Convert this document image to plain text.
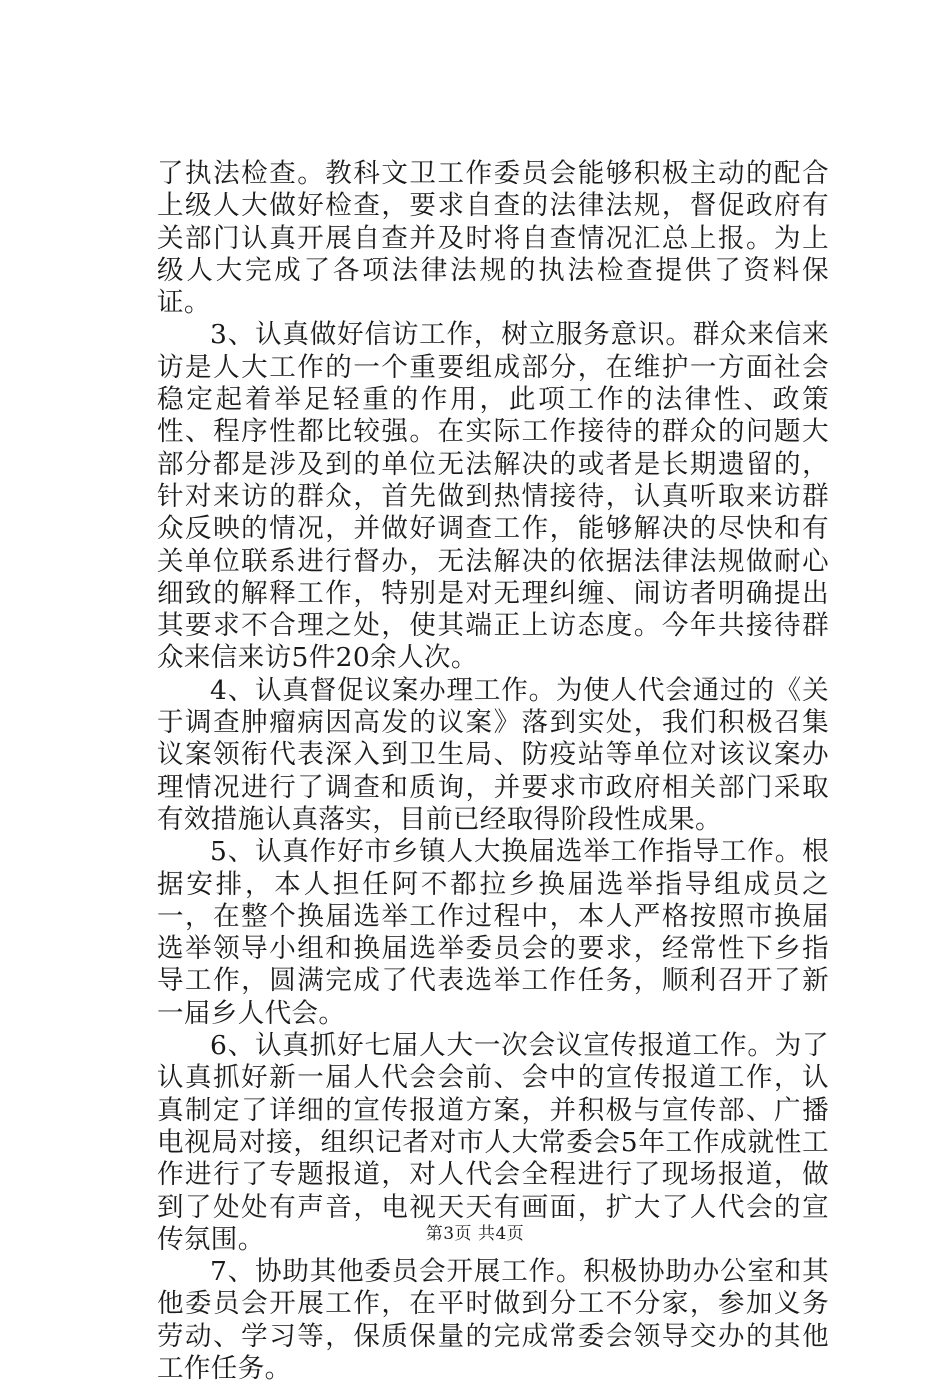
了执法检查。教科文卫工作委员会能够积极主动的配合上级人大做好检查，要求自查的法律法规，督促政府有关部门认真开展自查并及时将自查情况汇总上报。为上级人大完成了各项法律法规的执法检查提供了资料保证。

3、认真做好信访工作，树立服务意识。群众来信来访是人大工作的一个重要组成部分，在维护一方面社会稳定起着举足轻重的作用，此项工作的法律性、政策性、程序性都比较强。在实际工作接待的群众的问题大部分都是涉及到的单位无法解决的或者是长期遗留的，针对来访的群众，首先做到热情接待，认真听取来访群众反映的情况，并做好调查工作，能够解决的尽快和有关单位联系进行督办，无法解决的依据法律法规做耐心细致的解释工作，特别是对无理纠缠、闹访者明确提出其要求不合理之处，使其端正上访态度。今年共接待群众来信来访5件20余人次。

4、认真督促议案办理工作。为使人代会通过的《关于调查肿瘤病因高发的议案》落到实处，我们积极召集议案领衔代表深入到卫生局、防疫站等单位对该议案办理情况进行了调查和质询，并要求市政府相关部门采取有效措施认真落实，目前已经取得阶段性成果。

5、认真作好市乡镇人大换届选举工作指导工作。根据安排，本人担任阿不都拉乡换届选举指导组成员之一，在整个换届选举工作过程中，本人严格按照市换届选举领导小组和换届选举委员会的要求，经常性下乡指导工作，圆满完成了代表选举工作任务，顺利召开了新一届乡人代会。

6、认真抓好七届人大一次会议宣传报道工作。为了认真抓好新一届人代会会前、会中的宣传报道工作，认真制定了详细的宣传报道方案，并积极与宣传部、广播电视局对接，组织记者对市人大常委会5年工作成就性工作进行了专题报道，对人代会全程进行了现场报道，做到了处处有声音，电视天天有画面，扩大了人代会的宣传氛围。

7、协助其他委员会开展工作。积极协助办公室和其他委员会开展工作，在平时做到分工不分家，参加义务劳动、学习等，保质保量的完成常委会领导交办的其他工作任务。

第3页 共4页
